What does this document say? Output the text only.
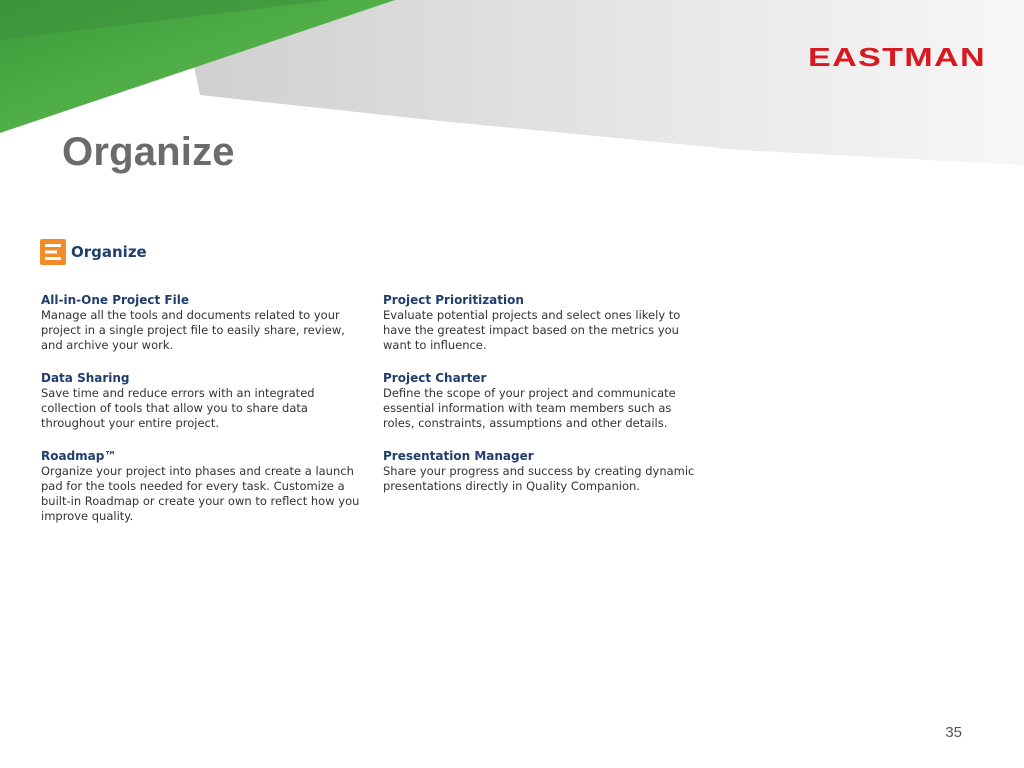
EASTMAN
Organize
Organize
All-in-One Project File
Manage all the tools and documents related to your project in a single project file to easily share, review, and archive your work.
Project Prioritization
Evaluate potential projects and select ones likely to have the greatest impact based on the metrics you want to influence.
Data Sharing
Save time and reduce errors with an integrated collection of tools that allow you to share data throughout your entire project.
Project Charter
Define the scope of your project and communicate essential information with team members such as roles, constraints, assumptions and other details.
Roadmap™
Organize your project into phases and create a launch pad for the tools needed for every task. Customize a built-in Roadmap or create your own to reflect how you improve quality.
Presentation Manager
Share your progress and success by creating dynamic presentations directly in Quality Companion.
35
